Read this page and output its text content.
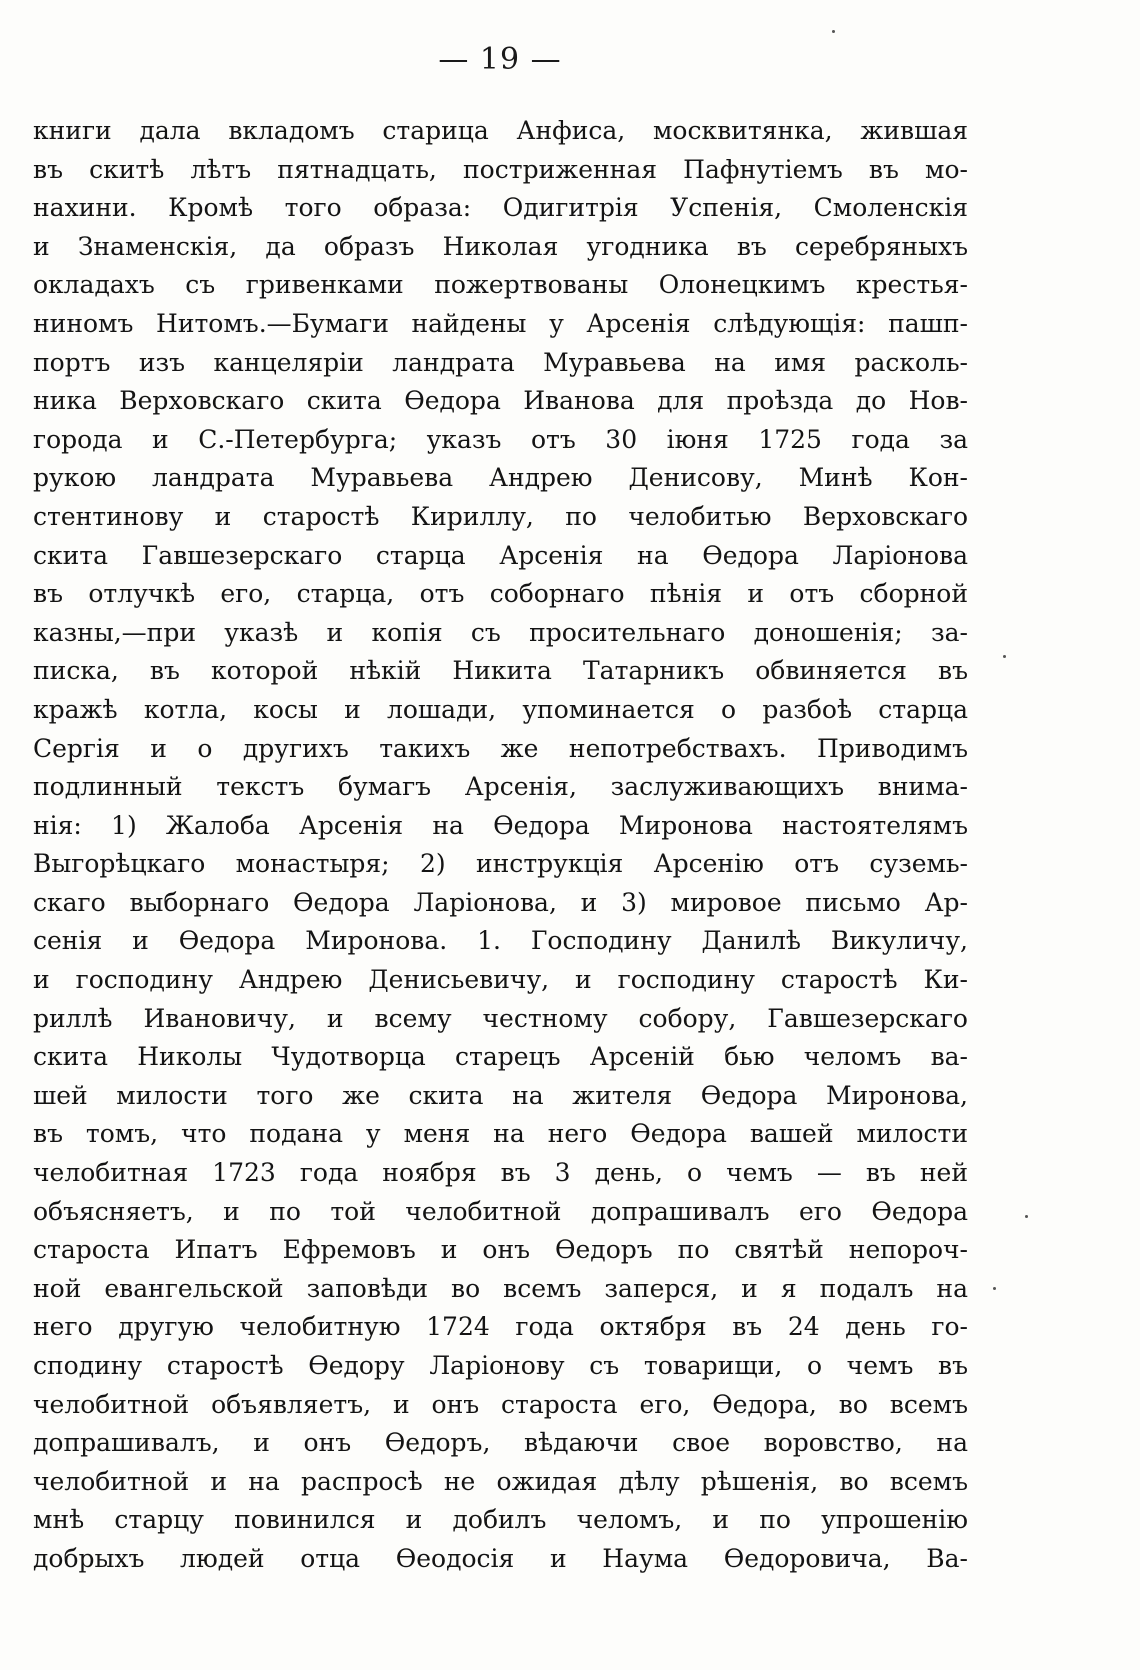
— 19 —
книги дала вкладомъ старица Анфиса, москвитянка, жившая
въ скитѣ лѣтъ пятнадцать, постриженная Пафнутіемъ въ мо-
нахини. Кромѣ того образа: Одигитрія Успенія, Смоленскія
и Знаменскія, да образъ Николая угодника въ серебряныхъ
окладахъ съ гривенками пожертвованы Олонецкимъ крестья-
ниномъ Нитомъ.—Бумаги найдены у Арсенія слѣдующія: пашп-
портъ изъ канцеляріи ландрата Муравьева на имя расколь-
ника Верховскаго скита Өедора Иванова для проѣзда до Нов-
города и С.-Петербурга; указъ отъ 30 іюня 1725 года за
рукою ландрата Муравьева Андрею Денисову, Минѣ Кон-
стентинову и старостѣ Кириллу, по челобитью Верховскаго
скита Гавшезерскаго старца Арсенія на Өедора Ларіонова
въ отлучкѣ его, старца, отъ соборнаго пѣнія и отъ сборной
казны,—при указѣ и копія съ просительнаго доношенія; за-
писка, въ которой нѣкій Никита Татарникъ обвиняется въ
кражѣ котла, косы и лошади, упоминается о разбоѣ старца
Сергія и о другихъ такихъ же непотребствахъ. Приводимъ
подлинный текстъ бумагъ Арсенія, заслуживающихъ внима-
нія: 1) Жалоба Арсенія на Өедора Миронова настоятелямъ
Выгорѣцкаго монастыря; 2) инструкція Арсенію отъ суземь-
скаго выборнаго Өедора Ларіонова, и 3) мировое письмо Ар-
сенія и Өедора Миронова. 1. Господину Данилѣ Викуличу,
и господину Андрею Денисьевичу, и господину старостѣ Ки-
риллѣ Ивановичу, и всему честному собору, Гавшезерскаго
скита Николы Чудотворца старецъ Арсеній бью челомъ ва-
шей милости того же скита на жителя Өедора Миронова,
въ томъ, что подана у меня на него Өедора вашей милости
челобитная 1723 года ноября въ 3 день, о чемъ — въ ней
объясняетъ, и по той челобитной допрашивалъ его Өедора
староста Ипатъ Ефремовъ и онъ Өедоръ по святѣй непороч-
ной евангельской заповѣди во всемъ заперся, и я подалъ на
него другую челобитную 1724 года октября въ 24 день го-
сподину старостѣ Өедору Ларіонову съ товарищи, о чемъ въ
челобитной объявляетъ, и онъ староста его, Өедора, во всемъ
допрашивалъ, и онъ Өедоръ, вѣдаючи свое воровство, на
челобитной и на распросѣ не ожидая дѣлу рѣшенія, во всемъ
мнѣ старцу повинился и добилъ челомъ, и по упрошенію
добрыхъ людей отца Өеодосія и Наума Өедоровича, Ва-
